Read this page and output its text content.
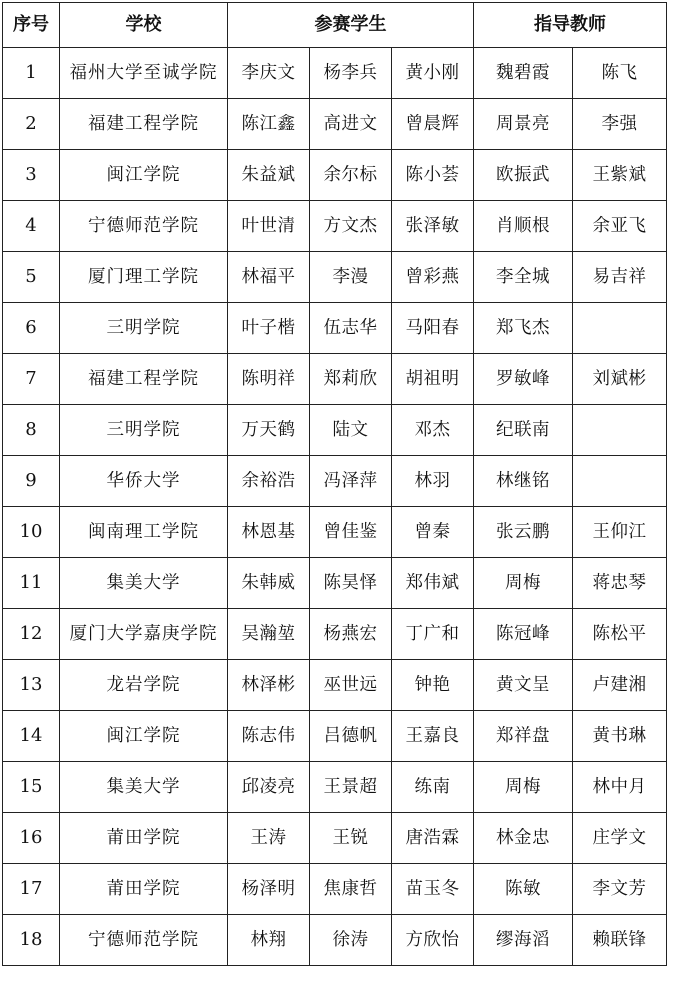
序号	学校	参赛学生			指导教师	
1	福州大学至诚学院	李庆文	杨李兵	黄小刚	魏碧霞	陈飞
2	福建工程学院	陈江鑫	高进文	曾晨辉	周景亮	李强
3	闽江学院	朱益斌	余尔标	陈小荟	欧振武	王紫斌
4	宁德师范学院	叶世清	方文杰	张泽敏	肖顺根	余亚飞
5	厦门理工学院	林福平	李漫	曾彩燕	李全城	易吉祥
6	三明学院	叶子楷	伍志华	马阳春	郑飞杰	
7	福建工程学院	陈明祥	郑莉欣	胡祖明	罗敏峰	刘斌彬
8	三明学院	万天鹤	陆文	邓杰	纪联南	
9	华侨大学	余裕浩	冯泽萍	林羽	林继铭	
10	闽南理工学院	林恩基	曾佳鉴	曾秦	张云鹏	王仰江
11	集美大学	朱韩威	陈昊怿	郑伟斌	周梅	蒋忠琴
12	厦门大学嘉庚学院	吴瀚堃	杨燕宏	丁广和	陈冠峰	陈松平
13	龙岩学院	林泽彬	巫世远	钟艳	黄文呈	卢建湘
14	闽江学院	陈志伟	吕德帆	王嘉良	郑祥盘	黄书琳
15	集美大学	邱凌亮	王景超	练南	周梅	林中月
16	莆田学院	王涛	王锐	唐浩霖	林金忠	庄学文
17	莆田学院	杨泽明	焦康哲	苗玉冬	陈敏	李文芳
18	宁德师范学院	林翔	徐涛	方欣怡	缪海滔	赖联锋
